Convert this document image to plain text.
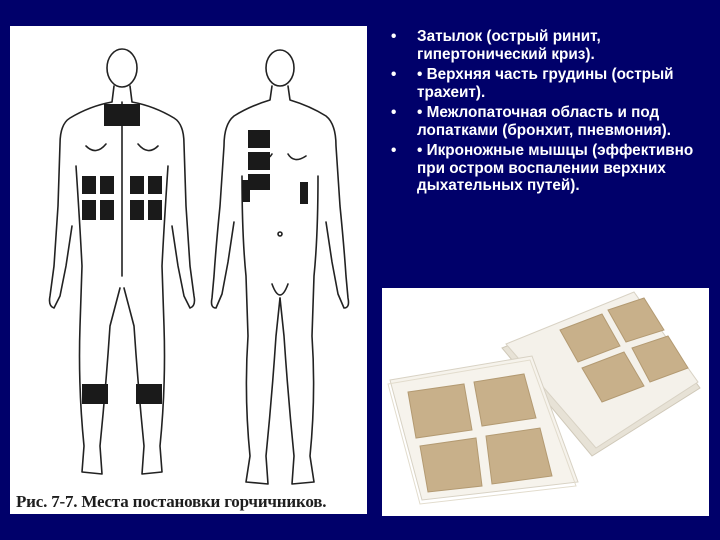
Рис. 7-7. Места постановки горчичников.
• Затылок (острый ринит, гипертонический криз).
• • Верхняя часть грудины (острый трахеит).
• • Межлопаточная область и под лопатками (бронхит, пневмония).
• • Икроножные мышцы (эффективно при остром воспалении верхних дыхательных путей).
